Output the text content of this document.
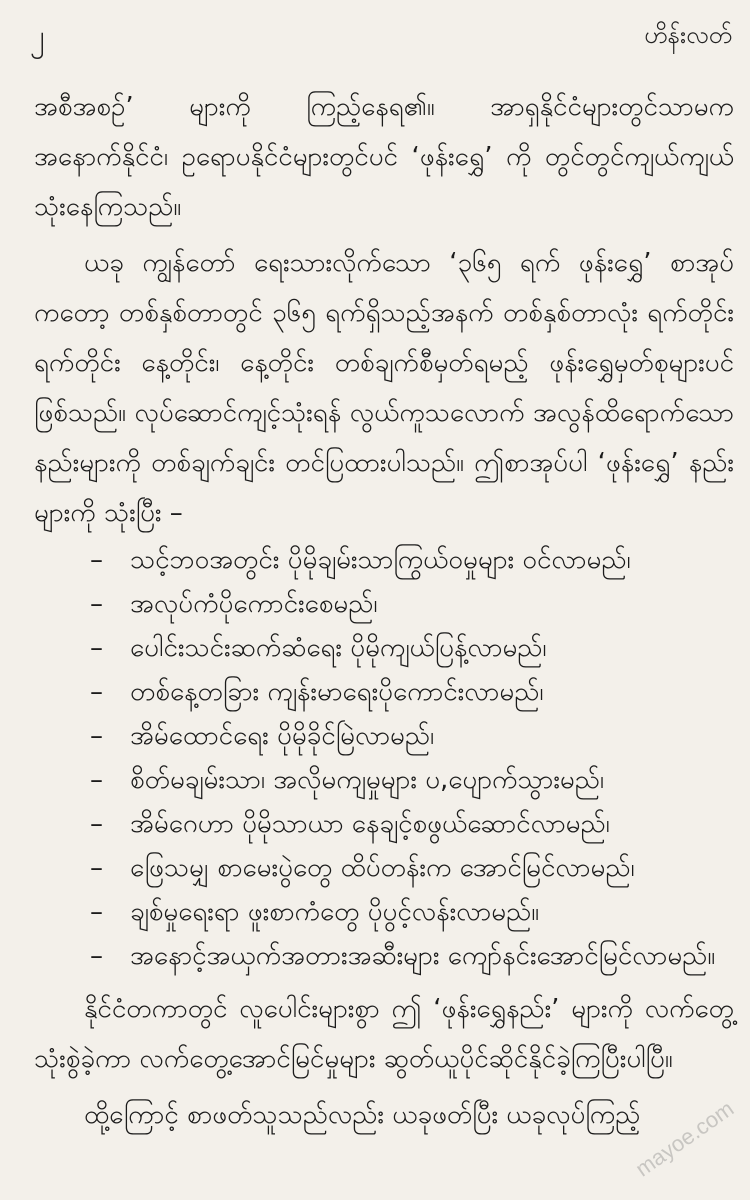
၂	ဟိန်းလတ်

အစီအစဉ်’ များကို ကြည့်နေရ၏။ အာရှနိုင်ငံများတွင်သာမက အနောက်နိုင်ငံ၊ ဥရောပနိုင်ငံများတွင်ပင် ‘ဖုန်းရွှေ’ ကို တွင်တွင်ကျယ်ကျယ်သုံးနေကြသည်။

ယခု ကျွန်တော် ရေးသားလိုက်သော ‘၃၆၅ ရက် ဖုန်းရွှေ’ စာအုပ်ကတော့ တစ်နှစ်တာတွင် ၃၆၅ ရက်ရှိသည့်အနက် တစ်နှစ်တာလုံး ရက်တိုင်း ရက်တိုင်း နေ့တိုင်း၊ နေ့တိုင်း တစ်ချက်စီမှတ်ရမည့် ဖုန်းရွှေမှတ်စုများပင်ဖြစ်သည်။ လုပ်ဆောင်ကျင့်သုံးရန် လွယ်ကူသလောက် အလွန်ထိရောက်သောနည်းများကို တစ်ချက်ချင်း တင်ပြထားပါသည်။ ဤစာအုပ်ပါ ‘ဖုန်းရွှေ’ နည်းများကို သုံးပြီး –

– သင့်ဘဝအတွင်း ပိုမိုချမ်းသာကြွယ်ဝမှုများ ဝင်လာမည်၊
– အလုပ်ကံပိုကောင်းစေမည်၊
– ပေါင်းသင်းဆက်ဆံရေး ပိုမိုကျယ်ပြန့်လာမည်၊
– တစ်နေ့တခြား ကျန်းမာရေးပိုကောင်းလာမည်၊
– အိမ်ထောင်ရေး ပိုမိုခိုင်မြဲလာမည်၊
– စိတ်မချမ်းသာ၊ အလိုမကျမှုများ ပ,ပျောက်သွားမည်၊
– အိမ်ဂေဟာ ပိုမိုသာယာ နေချင့်စဖွယ်ဆောင်လာမည်၊
– ဖြေသမျှ စာမေးပွဲတွေ ထိပ်တန်းက အောင်မြင်လာမည်၊
– ချစ်မှုရေးရာ ဖူးစာကံတွေ ပိုပွင့်လန်းလာမည်။
– အနောင့်အယှက်အတားအဆီးများ ကျော်နင်းအောင်မြင်လာမည်။

နိုင်ငံတကာတွင် လူပေါင်းများစွာ ဤ ‘ဖုန်းရွှေနည်း’ များကို လက်တွေ့သုံးစွဲခဲ့ကာ လက်တွေ့အောင်မြင်မှုများ ဆွတ်ယူပိုင်ဆိုင်နိုင်ခဲ့ကြပြီးပါပြီ။

ထို့ကြောင့် စာဖတ်သူသည်လည်း ယခုဖတ်ပြီး ယခုလုပ်ကြည့်

mayoe.com
